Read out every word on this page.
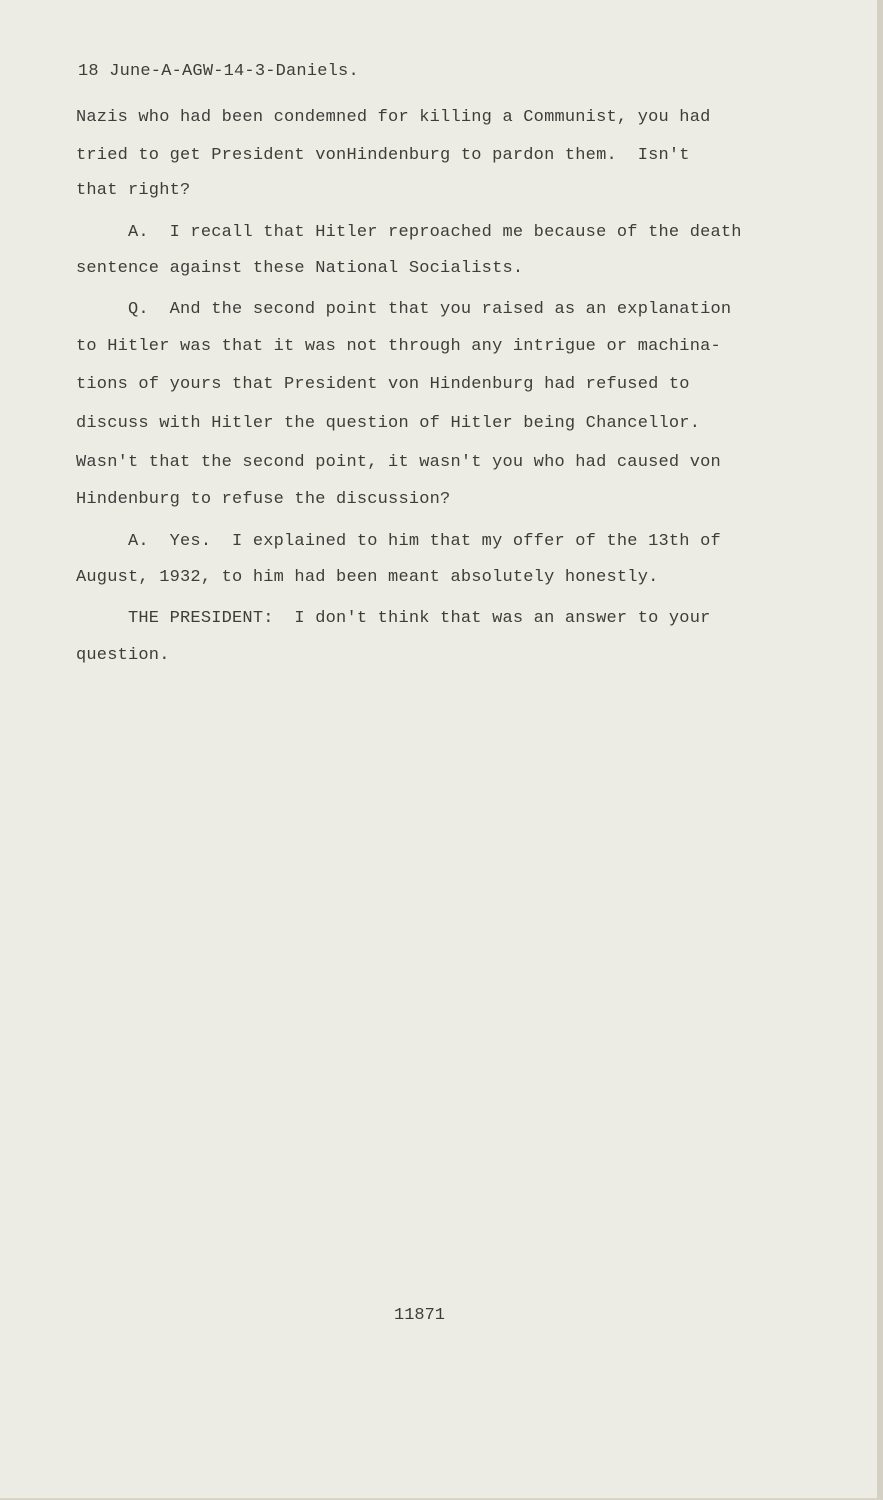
18 June-A-AGW-14-3-Daniels.
Nazis who had been condemned for killing a Communist, you had
tried to get President vonHindenburg to pardon them.  Isn't
that right?
A.  I recall that Hitler reproached me because of the death
sentence against these National Socialists.
Q.  And the second point that you raised as an explanation
to Hitler was that it was not through any intrigue or machina-
tions of yours that President von Hindenburg had refused to
discuss with Hitler the question of Hitler being Chancellor.
Wasn't that the second point, it wasn't you who had caused von
Hindenburg to refuse the discussion?
A.  Yes.  I explained to him that my offer of the 13th of
August, 1932, to him had been meant absolutely honestly.
THE PRESIDENT:  I don't think that was an answer to your
question.
11871
